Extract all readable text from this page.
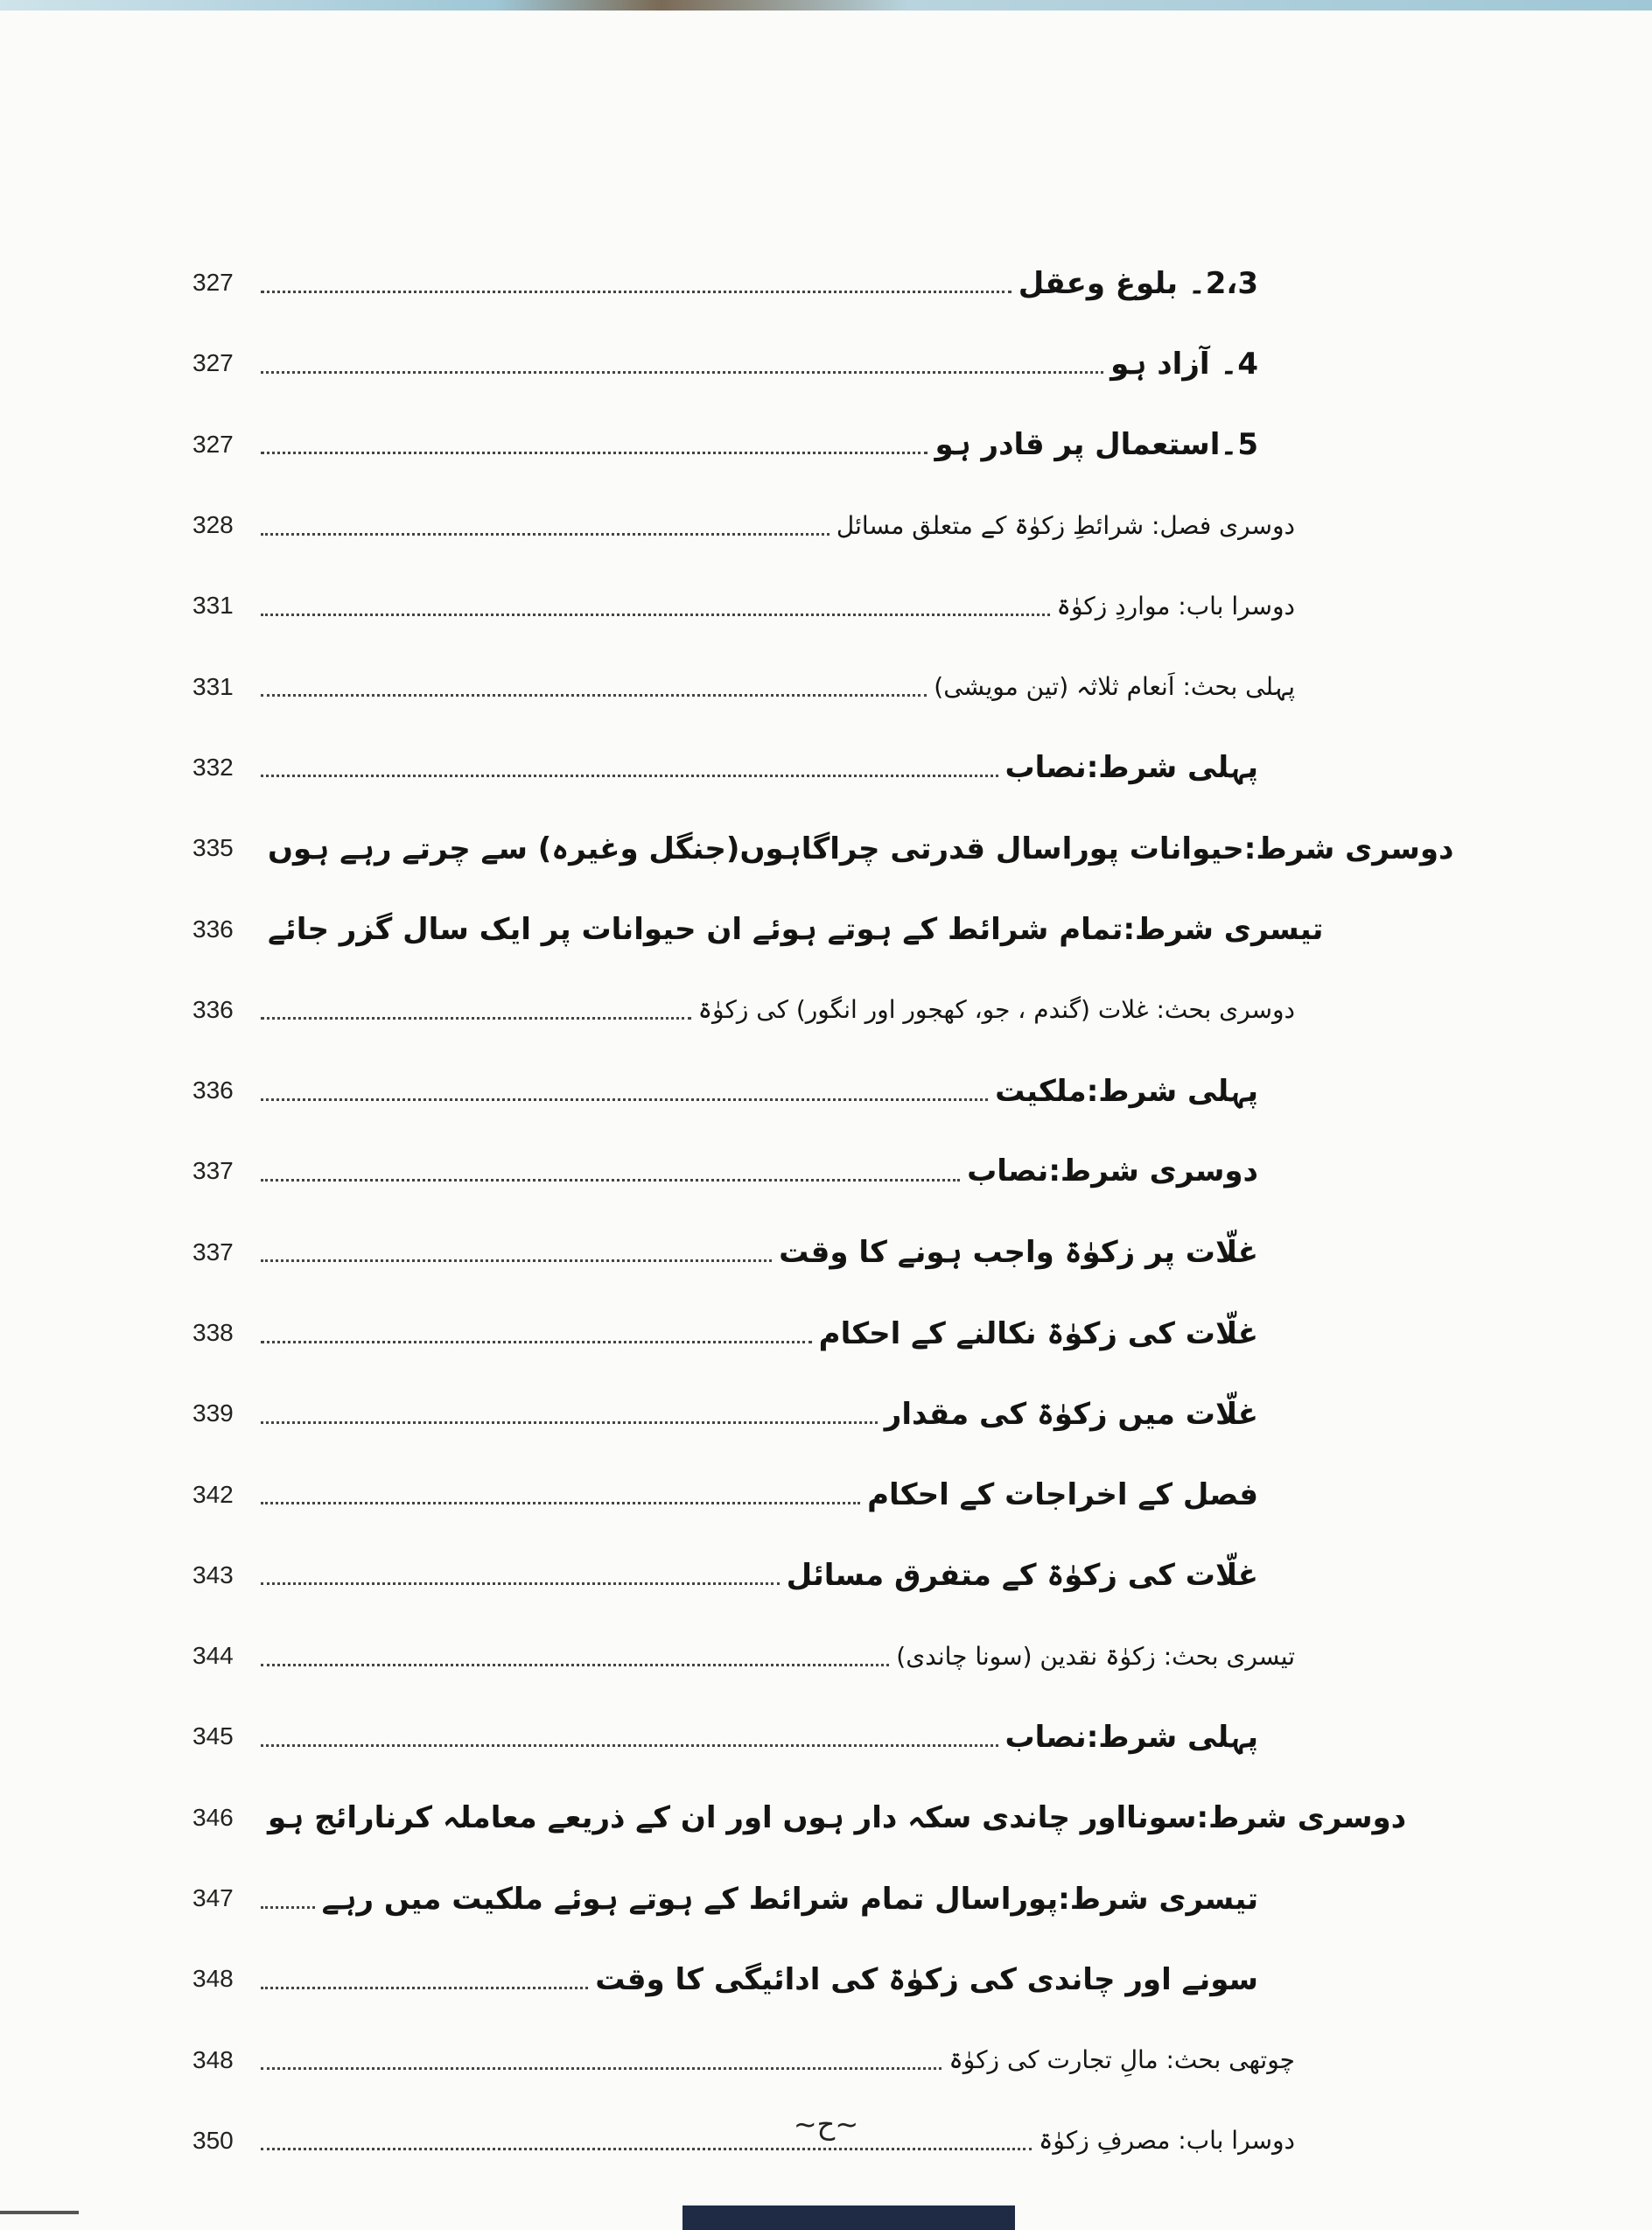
327	2،3۔ بلوغ وعقل
327	4۔ آزاد ہو
327	5۔استعمال پر قادر ہو
328	دوسری فصل: شرائطِ زکوٰۃ کے متعلق مسائل
331	دوسرا باب: مواردِ زکوٰۃ
331	پہلی بحث: اَنعام ثلاثہ (تین مویشی)
332	پہلی شرط:نصاب
335	دوسری شرط:حیوانات پوراسال قدرتی چراگاہوں(جنگل وغیرہ) سے چرتے رہے ہوں
336	تیسری شرط:تمام شرائط کے ہوتے ہوئے ان حیوانات پر ایک سال گزر جائے
336	دوسری بحث: غلات (گندم ، جو، کھجور اور انگور) کی زکوٰۃ
336	پہلی شرط:ملکیت
337	دوسری شرط:نصاب
337	غلّات پر زکوٰۃ واجب ہونے کا وقت
338	غلّات کی زکوٰۃ نکالنے کے احکام
339	غلّات میں زکوٰۃ کی مقدار
342	فصل کے اخراجات کے احکام
343	غلّات کی زکوٰۃ کے متفرق مسائل
344	تیسری بحث: زکوٰۃ نقدین (سونا چاندی)
345	پہلی شرط:نصاب
346	دوسری شرط:سونااور چاندی سکہ دار ہوں اور ان کے ذریعے معاملہ کرنارائج ہو
347	تیسری شرط:پوراسال تمام شرائط کے ہوتے ہوئے ملکیت میں رہے
348	سونے اور چاندی کی زکوٰۃ کی ادائیگی کا وقت
348	چوتھی بحث: مالِ تجارت کی زکوٰۃ
350	دوسرا باب: مصرفِ زکوٰۃ
~ح~
